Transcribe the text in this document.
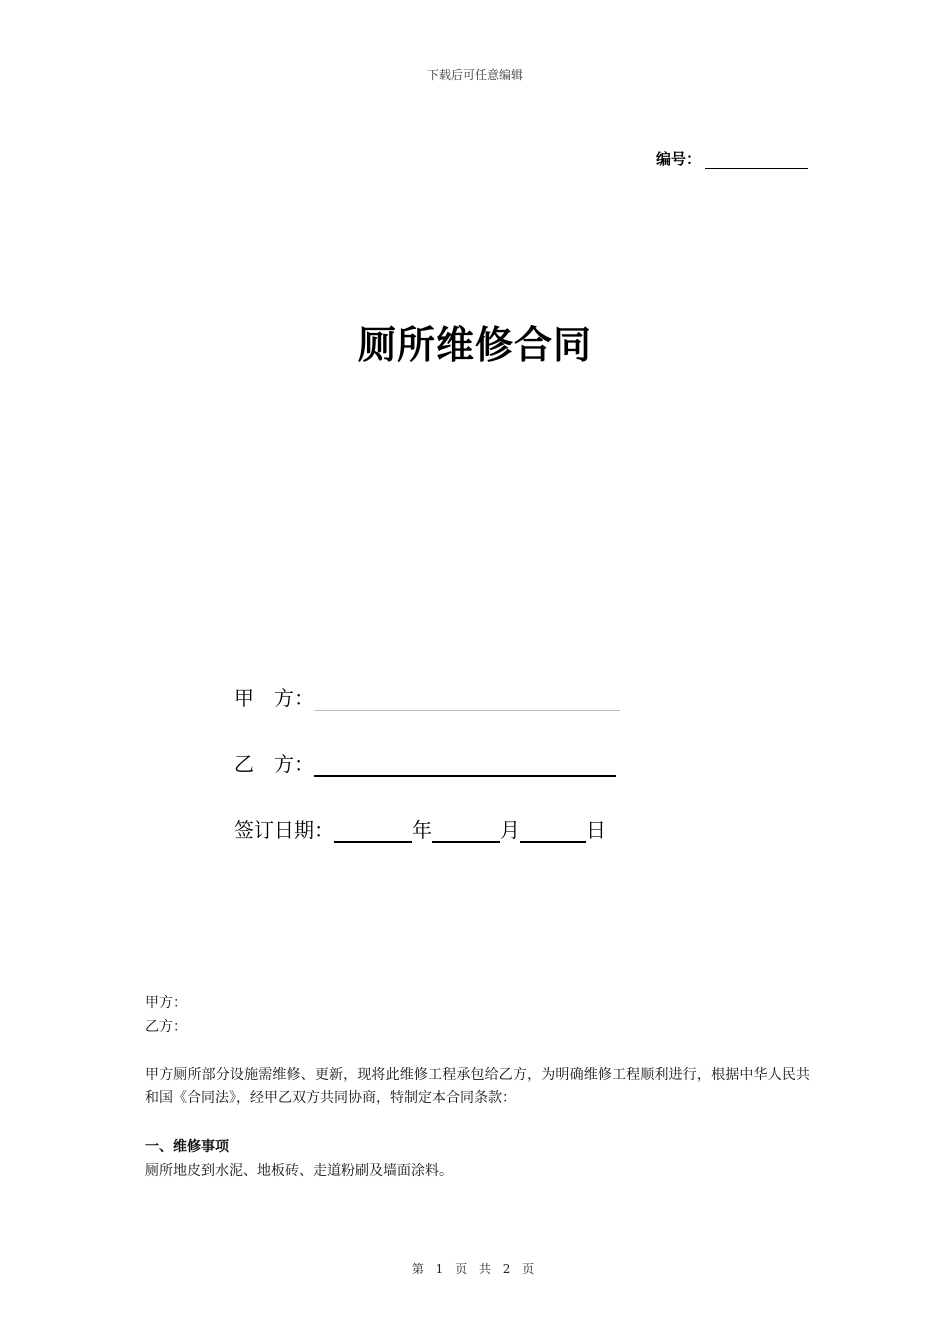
下载后可任意编辑
编号：
厕所维修合同
甲　方：
乙　方：
签订日期：	年	月	日
甲方：
乙方：
甲方厕所部分设施需维修、更新，现将此维修工程承包给乙方，为明确维修工程顺利进行，根据中华人民共和国《合同法》，经甲乙双方共同协商，特制定本合同条款：
一、维修事项
厕所地皮到水泥、地板砖、走道粉刷及墙面涂料。
第 1 页 共 2 页
